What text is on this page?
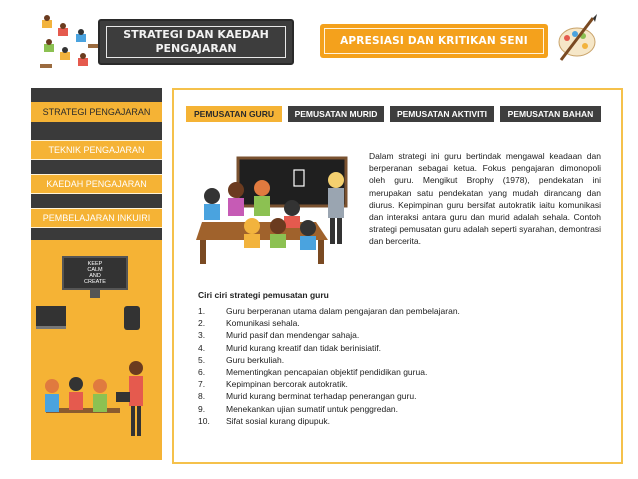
STRATEGI DAN KAEDAH
PENGAJARAN
APRESIASI DAN KRITIKAN SENI
STRATEGI PENGAJARAN
TEKNIK PENGAJARAN
KAEDAH PENGAJARAN
PEMBELAJARAN INKUIRI
KEEP
CALM
AND
CREATE
PEMUSATAN GURU PEMUSATAN MURID PEMUSATAN AKTIVITI PEMUSATAN BAHAN
Dalam strategi ini guru bertindak mengawal keadaan dan berperanan sebagai ketua. Fokus pengajaran dimonopoli oleh guru. Mengikut Brophy (1978), pendekatan ini merupakan satu pendekatan yang mudah dirancang dan diurus. Kepimpinan guru bersifat autokratik iaitu komunikasi dan interaksi antara guru dan murid adalah sehala. Contoh strategi pemusatan guru adalah seperti syarahan, demontrasi dan bercerita.
Ciri ciri strategi pemusatan guru
1.	Guru berperanan utama dalam pengajaran dan pembelajaran.
2.	Komunikasi sehala.
3.	Murid pasif dan mendengar sahaja.
4.	Murid kurang kreatif dan tidak berinisiatif.
5.	Guru berkuliah.
6.	Mementingkan pencapaian objektif pendidikan gurua.
7.	Kepimpinan bercorak autokratik.
8.	Murid kurang berminat terhadap penerangan guru.
9.	Menekankan ujian sumatif untuk penggredan.
10.	Sifat sosial kurang dipupuk.
